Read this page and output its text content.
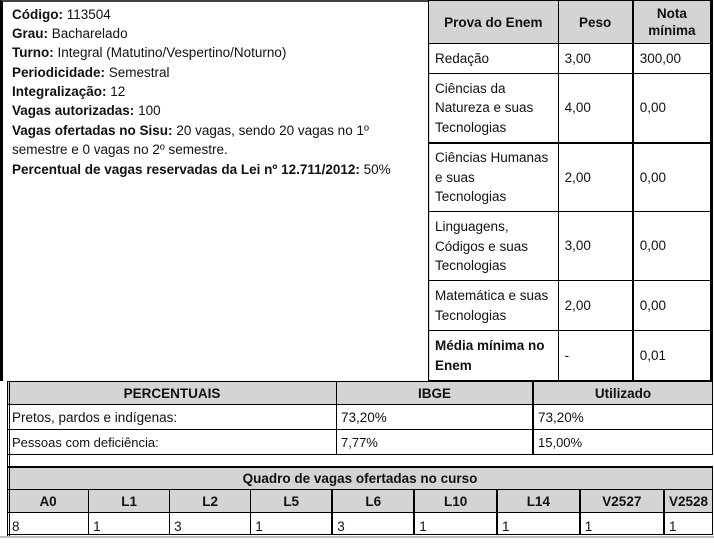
Código: 113504
Grau: Bacharelado
Turno: Integral (Matutino/Vespertino/Noturno)
Periodicidade: Semestral
Integralização: 12
Vagas autorizadas: 100
Vagas ofertadas no Sisu: 20 vagas, sendo 20 vagas no 1º
semestre e 0 vagas no 2º semestre.
Percentual de vagas reservadas da Lei nº 12.711/2012: 50%
Prova do Enem	Peso	Nota
mínima
Redação	3,00	300,00
Ciências da
Natureza e suas
Tecnologias	4,00	0,00
Ciências Humanas
e suas
Tecnologias	2,00	0,00

Linguagens,
Códigos e suas
Tecnologias	3,00	0,00
Matemática e suas
Tecnologias	2,00	0,00
Média mínima no
Enem	-	0,01
PERCENTUAIS	IBGE	Utilizado
Pretos, pardos e indígenas:	73,20%	73,20%
Pessoas com deficiência:	7,77%	15,00%
Quadro de vagas ofertadas no curso								
A0	L1	L2	L5	L6	L10	L14	V2527	V2528
8	1	3	1	3	1	1	1	1
